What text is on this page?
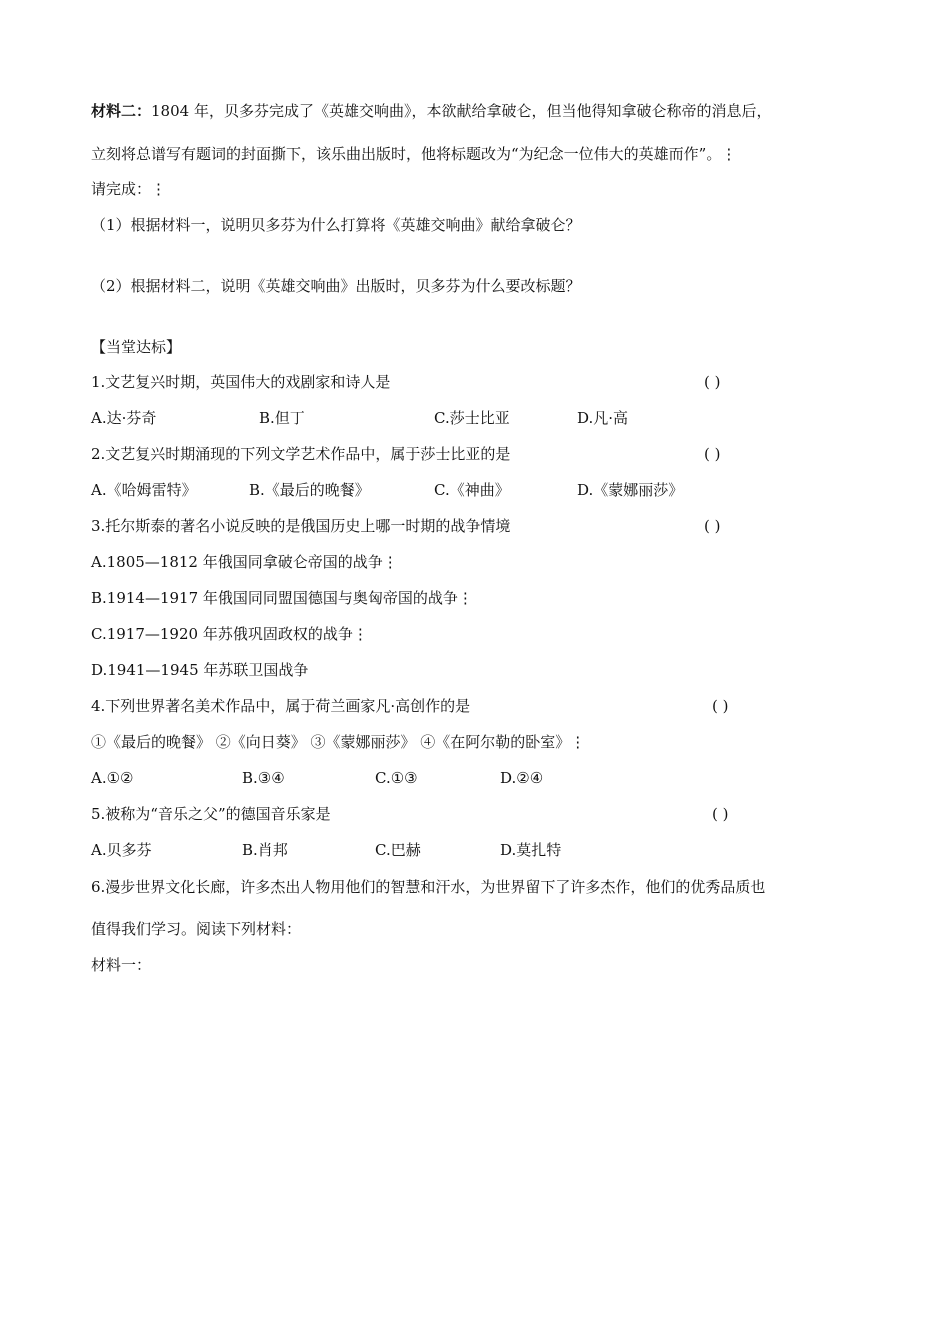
材料二：1804 年，贝多芬完成了《英雄交响曲》，本欲献给拿破仑，但当他得知拿破仑称帝的消息后，
立刻将总谱写有题词的封面撕下，该乐曲出版时，他将标题改为“为纪念一位伟大的英雄而作”。⋮
请完成：⋮
（1）根据材料一，说明贝多芬为什么打算将《英雄交响曲》献给拿破仑？
（2）根据材料二，说明《英雄交响曲》出版时，贝多芬为什么要改标题？
【当堂达标】
1.文艺复兴时期，英国伟大的戏剧家和诗人是	( )
A.达·芬奇	B.但丁	C.莎士比亚	D.凡·高
2.文艺复兴时期涌现的下列文学艺术作品中，属于莎士比亚的是	( )
A.《哈姆雷特》	B.《最后的晚餐》	C.《神曲》	D.《蒙娜丽莎》
3.托尔斯泰的著名小说反映的是俄国历史上哪一时期的战争情境	( )
A.1805—1812 年俄国同拿破仑帝国的战争⋮
B.1914—1917 年俄国同同盟国德国与奥匈帝国的战争⋮
C.1917—1920 年苏俄巩固政权的战争⋮
D.1941—1945 年苏联卫国战争
4.下列世界著名美术作品中，属于荷兰画家凡·高创作的是	( )
①《最后的晚餐》 ②《向日葵》 ③《蒙娜丽莎》 ④《在阿尔勒的卧室》⋮
A.①②	B.③④	C.①③	D.②④
5.被称为“音乐之父”的德国音乐家是	( )
A.贝多芬	B.肖邦	C.巴赫	D.莫扎特
6.漫步世界文化长廊，许多杰出人物用他们的智慧和汗水，为世界留下了许多杰作，他们的优秀品质也
值得我们学习。阅读下列材料：
材料一：
